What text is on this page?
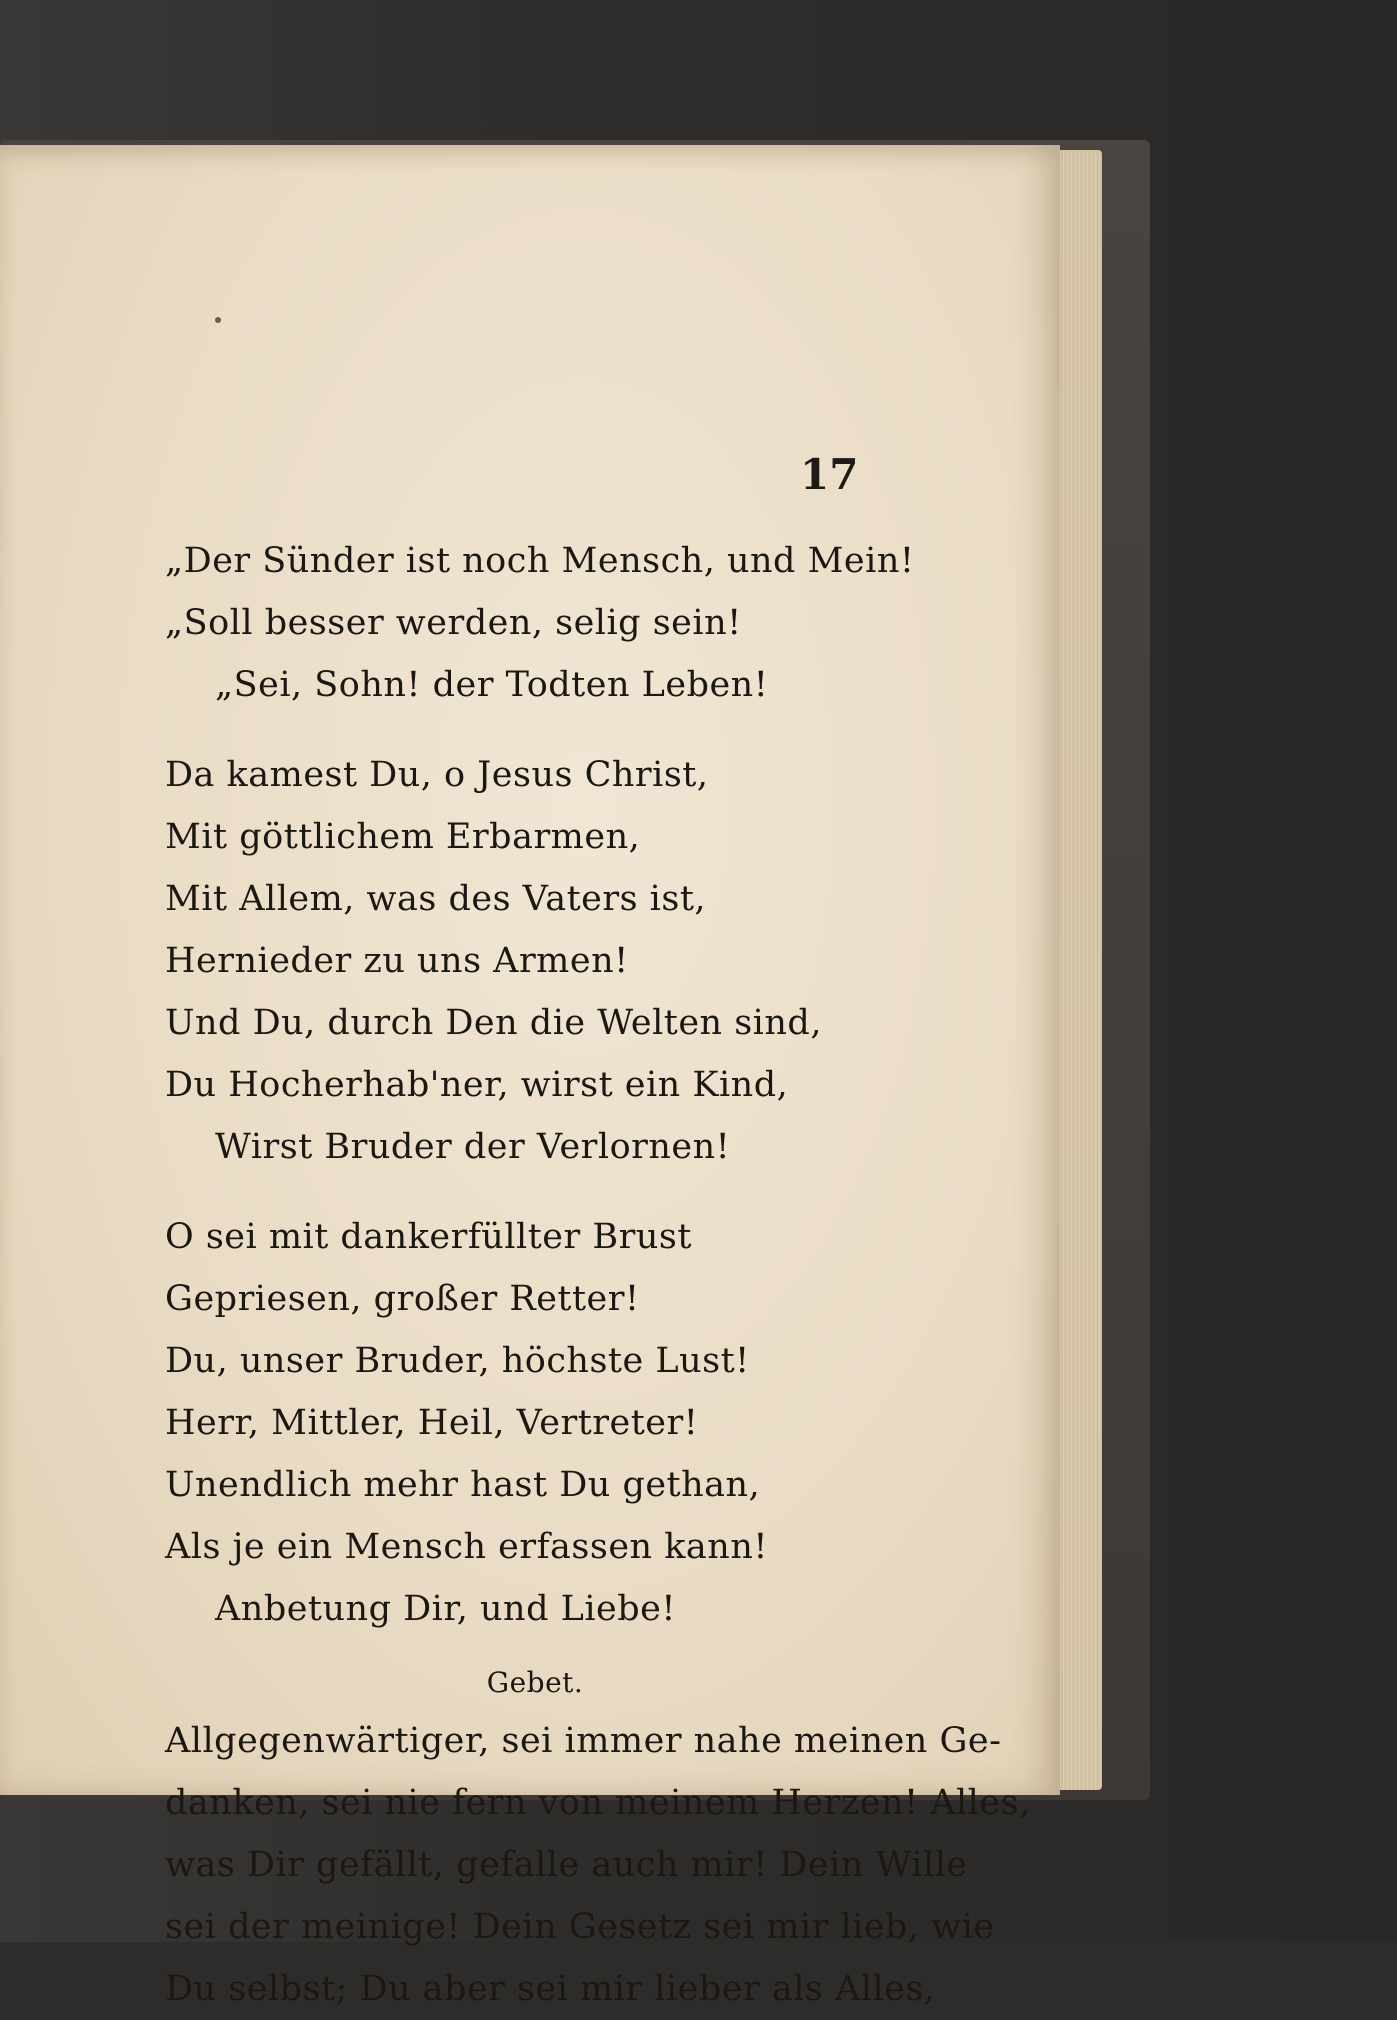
17
„Der Sünder ist noch Mensch, und Mein!
„Soll besser werden, selig sein!
„Sei, Sohn! der Todten Leben!
Da kamest Du, o Jesus Christ,
Mit göttlichem Erbarmen,
Mit Allem, was des Vaters ist,
Hernieder zu uns Armen!
Und Du, durch Den die Welten sind,
Du Hocherhab'ner, wirst ein Kind,
Wirst Bruder der Verlornen!
O sei mit dankerfüllter Brust
Gepriesen, großer Retter!
Du, unser Bruder, höchste Lust!
Herr, Mittler, Heil, Vertreter!
Unendlich mehr hast Du gethan,
Als je ein Mensch erfassen kann!
Anbetung Dir, und Liebe!
Gebet.
Allgegenwärtiger, sei immer nahe meinen Ge-
danken, sei nie fern von meinem Herzen! Alles,
was Dir gefällt, gefalle auch mir! Dein Wille
sei der meinige! Dein Gesetz sei mir lieb, wie
Du selbst; Du aber sei mir lieber als Alles,
